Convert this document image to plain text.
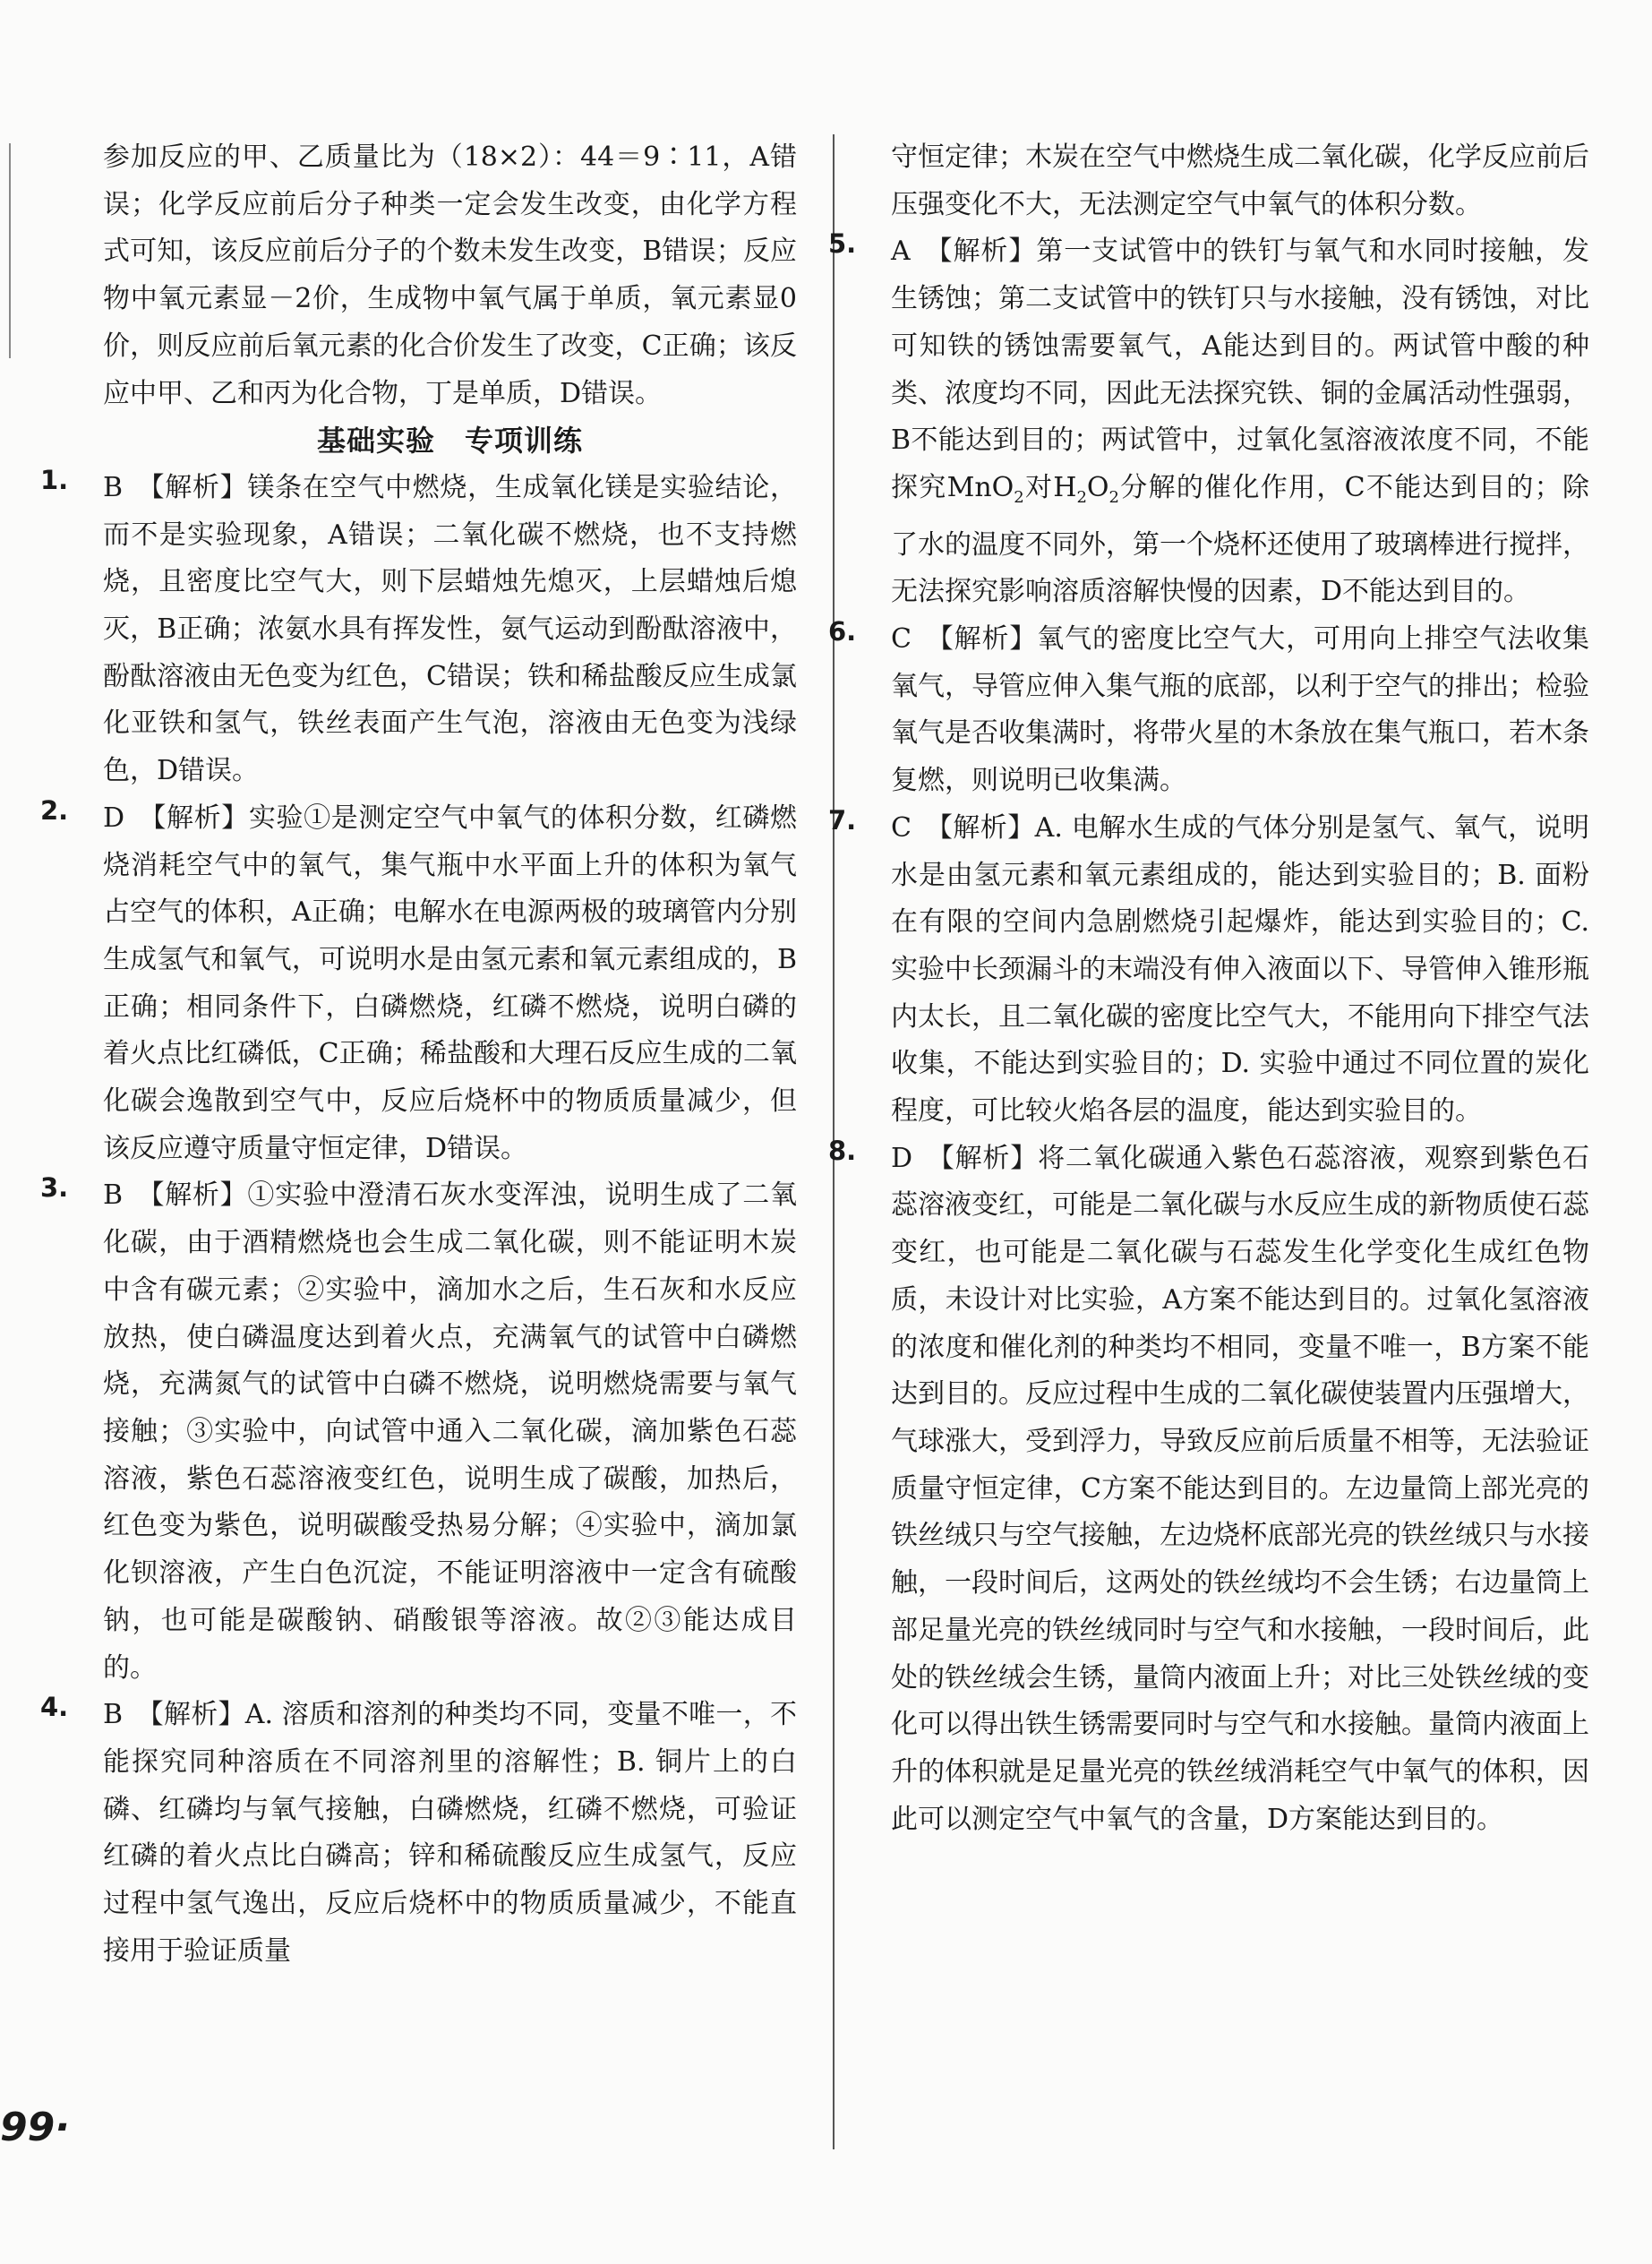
参加反应的甲、乙质量比为（18×2）：44＝9∶11，A错误；化学反应前后分子种类一定会发生改变，由化学方程式可知，该反应前后分子的个数未发生改变，B错误；反应物中氧元素显－2价，生成物中氧气属于单质，氧元素显0价，则反应前后氧元素的化合价发生了改变，C正确；该反应中甲、乙和丙为化合物，丁是单质，D错误。

基础实验　专项训练

1. B　【解析】镁条在空气中燃烧，生成氧化镁是实验结论，而不是实验现象，A错误；二氧化碳不燃烧，也不支持燃烧，且密度比空气大，则下层蜡烛先熄灭，上层蜡烛后熄灭，B正确；浓氨水具有挥发性，氨气运动到酚酞溶液中，酚酞溶液由无色变为红色，C错误；铁和稀盐酸反应生成氯化亚铁和氢气，铁丝表面产生气泡，溶液由无色变为浅绿色，D错误。

2. D　【解析】实验①是测定空气中氧气的体积分数，红磷燃烧消耗空气中的氧气，集气瓶中水平面上升的体积为氧气占空气的体积，A正确；电解水在电源两极的玻璃管内分别生成氢气和氧气，可说明水是由氢元素和氧元素组成的，B正确；相同条件下，白磷燃烧，红磷不燃烧，说明白磷的着火点比红磷低，C正确；稀盐酸和大理石反应生成的二氧化碳会逸散到空气中，反应后烧杯中的物质质量减少，但该反应遵守质量守恒定律，D错误。

3. B　【解析】①实验中澄清石灰水变浑浊，说明生成了二氧化碳，由于酒精燃烧也会生成二氧化碳，则不能证明木炭中含有碳元素；②实验中，滴加水之后，生石灰和水反应放热，使白磷温度达到着火点，充满氧气的试管中白磷燃烧，充满氮气的试管中白磷不燃烧，说明燃烧需要与氧气接触；③实验中，向试管中通入二氧化碳，滴加紫色石蕊溶液，紫色石蕊溶液变红色，说明生成了碳酸，加热后，红色变为紫色，说明碳酸受热易分解；④实验中，滴加氯化钡溶液，产生白色沉淀，不能证明溶液中一定含有硫酸钠，也可能是碳酸钠、硝酸银等溶液。故②③能达成目的。

4. B　【解析】A. 溶质和溶剂的种类均不同，变量不唯一，不能探究同种溶质在不同溶剂里的溶解性；B. 铜片上的白磷、红磷均与氧气接触，白磷燃烧，红磷不燃烧，可验证红磷的着火点比白磷高；锌和稀硫酸反应生成氢气，反应过程中氢气逸出，反应后烧杯中的物质质量减少，不能直接用于验证质量

守恒定律；木炭在空气中燃烧生成二氧化碳，化学反应前后压强变化不大，无法测定空气中氧气的体积分数。

5. A　【解析】第一支试管中的铁钉与氧气和水同时接触，发生锈蚀；第二支试管中的铁钉只与水接触，没有锈蚀，对比可知铁的锈蚀需要氧气，A能达到目的。两试管中酸的种类、浓度均不同，因此无法探究铁、铜的金属活动性强弱，B不能达到目的；两试管中，过氧化氢溶液浓度不同，不能探究MnO$_2$对$H_2O_2$分解的催化作用，C不能达到目的；除了水的温度不同外，第一个烧杯还使用了玻璃棒进行搅拌，无法探究影响溶质溶解快慢的因素，D不能达到目的。

6. C　【解析】氧气的密度比空气大，可用向上排空气法收集氧气，导管应伸入集气瓶的底部，以利于空气的排出；检验氧气是否收集满时，将带火星的木条放在集气瓶口，若木条复燃，则说明已收集满。

7. C　【解析】A. 电解水生成的气体分别是氢气、氧气，说明水是由氢元素和氧元素组成的，能达到实验目的；B. 面粉在有限的空间内急剧燃烧引起爆炸，能达到实验目的；C. 实验中长颈漏斗的末端没有伸入液面以下、导管伸入锥形瓶内太长，且二氧化碳的密度比空气大，不能用向下排空气法收集，不能达到实验目的；D. 实验中通过不同位置的炭化程度，可比较火焰各层的温度，能达到实验目的。

8. D　【解析】将二氧化碳通入紫色石蕊溶液，观察到紫色石蕊溶液变红，可能是二氧化碳与水反应生成的新物质使石蕊变红，也可能是二氧化碳与石蕊发生化学变化生成红色物质，未设计对比实验，A方案不能达到目的。过氧化氢溶液的浓度和催化剂的种类均不相同，变量不唯一，B方案不能达到目的。反应过程中生成的二氧化碳使装置内压强增大，气球涨大，受到浮力，导致反应前后质量不相等，无法验证质量守恒定律，C方案不能达到目的。左边量筒上部光亮的铁丝绒只与空气接触，左边烧杯底部光亮的铁丝绒只与水接触，一段时间后，这两处的铁丝绒均不会生锈；右边量筒上部足量光亮的铁丝绒同时与空气和水接触，一段时间后，此处的铁丝绒会生锈，量筒内液面上升；对比三处铁丝绒的变化可以得出铁生锈需要同时与空气和水接触。量筒内液面上升的体积就是足量光亮的铁丝绒消耗空气中氧气的体积，因此可以测定空气中氧气的含量，D方案能达到目的。

99·
